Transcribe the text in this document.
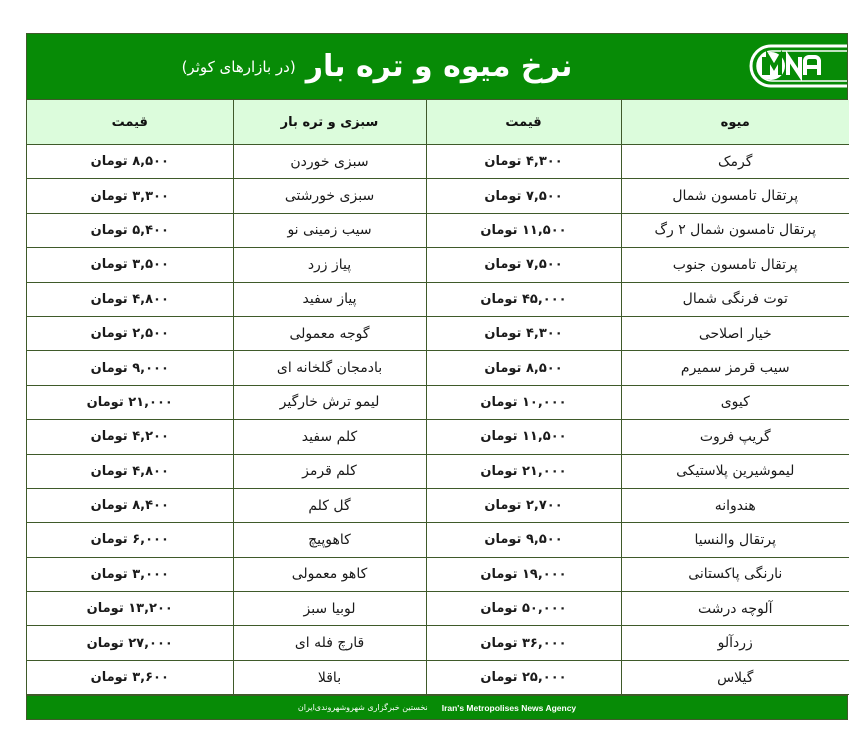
نرخ میوه و تره بار
(در بازارهای کوثر)
میوه	قیمت	سبزی و تره بار	قیمت
گرمک	۴,۳۰۰ تومان	سبزی خوردن	۸,۵۰۰ تومان
پرتقال تامسون شمال	۷,۵۰۰ تومان	سبزی خورشتی	۳,۳۰۰ تومان
پرتقال تامسون شمال ۲ رگ	۱۱,۵۰۰ تومان	سیب زمینی نو	۵,۴۰۰ تومان
پرتقال تامسون جنوب	۷,۵۰۰ تومان	پیاز زرد	۳,۵۰۰ تومان
توت فرنگی شمال	۴۵,۰۰۰ تومان	پیاز سفید	۴,۸۰۰ تومان
خیار اصلاحی	۴,۳۰۰ تومان	گوجه معمولی	۲,۵۰۰ تومان
سیب قرمز سمیرم	۸,۵۰۰ تومان	بادمجان گلخانه ای	۹,۰۰۰ تومان
کیوی	۱۰,۰۰۰ تومان	لیمو ترش خارگیر	۲۱,۰۰۰ تومان
گریپ فروت	۱۱,۵۰۰ تومان	کلم سفید	۴,۲۰۰ تومان
لیموشیرین پلاستیکی	۲۱,۰۰۰ تومان	کلم قرمز	۴,۸۰۰ تومان
هندوانه	۲,۷۰۰ تومان	گل کلم	۸,۴۰۰ تومان
پرتقال والنسیا	۹,۵۰۰ تومان	کاهوپیچ	۶,۰۰۰ تومان
نارنگی پاکستانی	۱۹,۰۰۰ تومان	کاهو معمولی	۳,۰۰۰ تومان
آلوچه درشت	۵۰,۰۰۰ تومان	لوبیا سبز	۱۳,۲۰۰ تومان
زردآلو	۳۶,۰۰۰ تومان	قارچ فله ای	۲۷,۰۰۰ تومان
گیلاس	۲۵,۰۰۰ تومان	باقلا	۳,۶۰۰ تومان
نخستین خبرگزاری شهروشهروندی‌ایران Iran's Metropolises News Agency
